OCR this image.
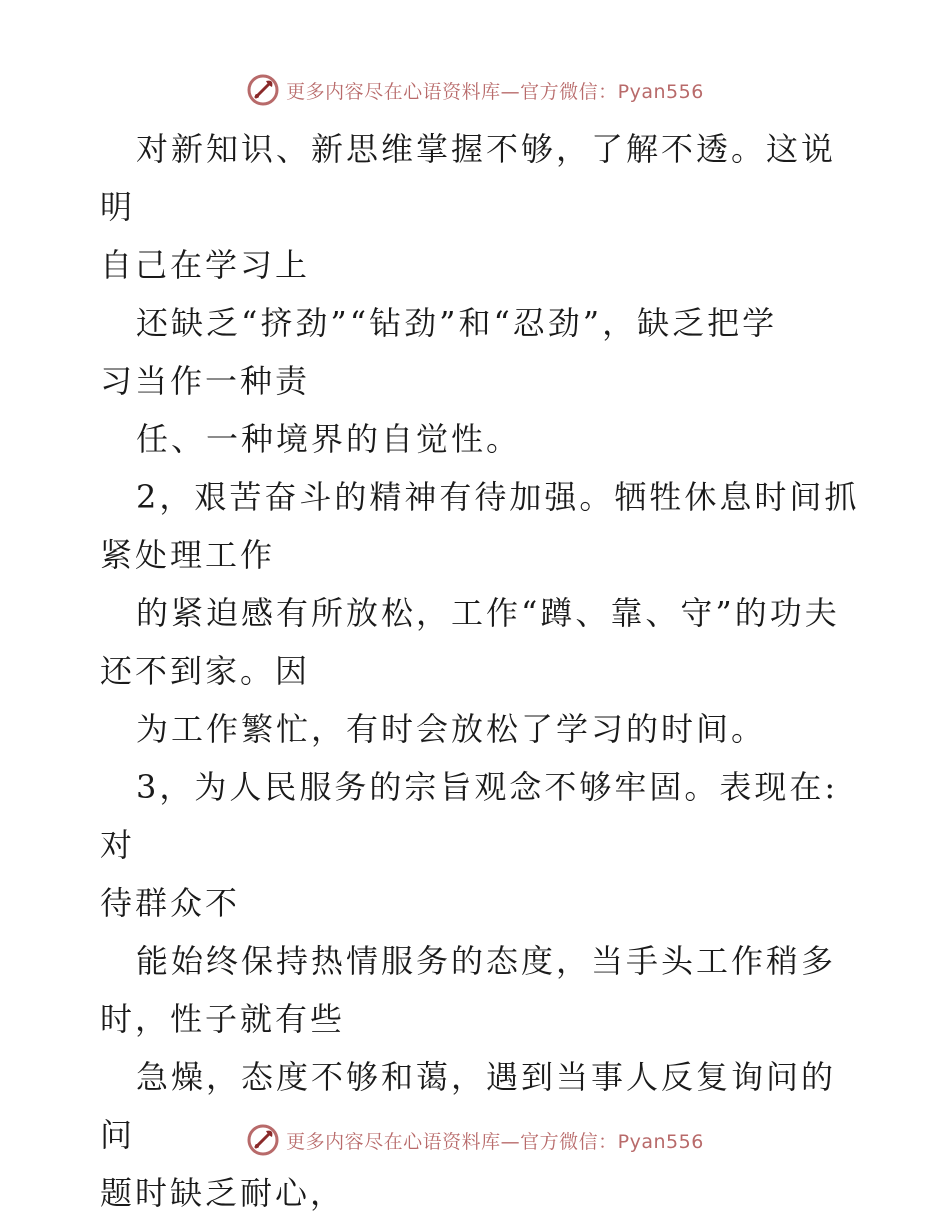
更多内容尽在心语资料库—官方微信：Pyan556
对新知识、新思维掌握不够，了解不透。这说明
自己在学习上
还缺乏“挤劲”“钻劲”和“忍劲”，缺乏把学
习当作一种责
任、一种境界的自觉性。
2，艰苦奋斗的精神有待加强。牺牲休息时间抓
紧处理工作
的紧迫感有所放松，工作“蹲、靠、守”的功夫
还不到家。因
为工作繁忙，有时会放松了学习的时间。
3，为人民服务的宗旨观念不够牢固。表现在:对
待群众不
能始终保持热情服务的态度，当手头工作稍多
时，性子就有些
急燥，态度不够和蔼，遇到当事人反复询问的问
题时缺乏耐心，
更多内容尽在心语资料库—官方微信：Pyan556
